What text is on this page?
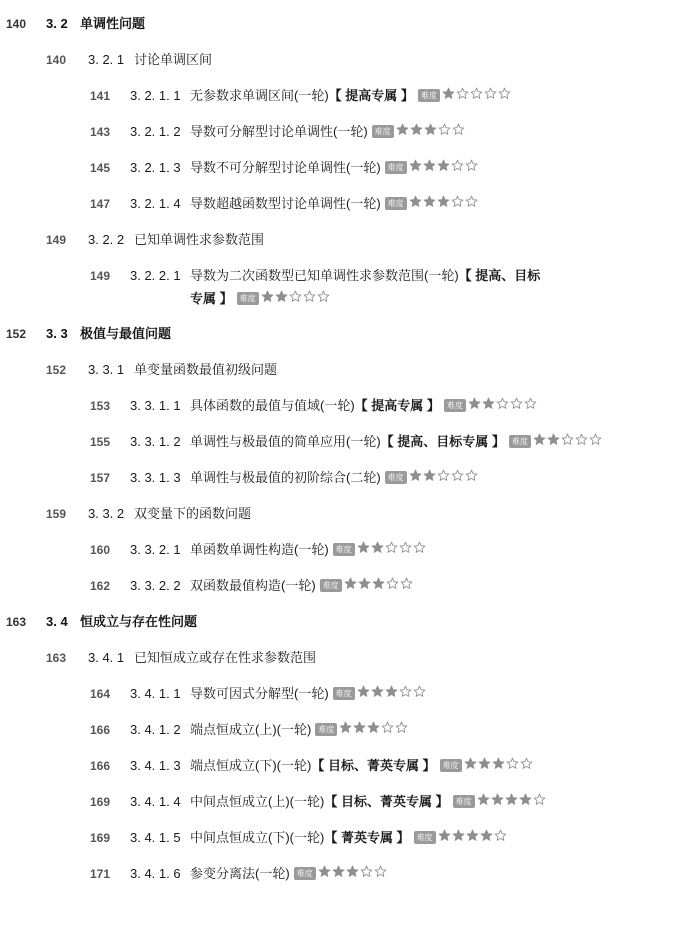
140 3. 2 单调性问题
140 3. 2. 1 讨论单调区间
141 3. 2. 1. 1 无参数求单调区间(一轮)【 提高专属 】 难度
143 3. 2. 1. 2 导数可分解型讨论单调性(一轮) 难度
145 3. 2. 1. 3 导数不可分解型讨论单调性(一轮) 难度
147 3. 2. 1. 4 导数超越函数型讨论单调性(一轮) 难度
149 3. 2. 2 已知单调性求参数范围
149 3. 2. 2. 1 导数为二次函数型已知单调性求参数范围(一轮)【 提高、目标
专属 】 难度
152 3. 3 极值与最值问题
152 3. 3. 1 单变量函数最值初级问题
153 3. 3. 1. 1 具体函数的最值与值域(一轮)【 提高专属 】 难度
155 3. 3. 1. 2 单调性与极最值的简单应用(一轮)【 提高、目标专属 】 难度
157 3. 3. 1. 3 单调性与极最值的初阶综合(二轮) 难度
159 3. 3. 2 双变量下的函数问题
160 3. 3. 2. 1 单函数单调性构造(一轮) 难度
162 3. 3. 2. 2 双函数最值构造(一轮) 难度
163 3. 4 恒成立与存在性问题
163 3. 4. 1 已知恒成立或存在性求参数范围
164 3. 4. 1. 1 导数可因式分解型(一轮) 难度
166 3. 4. 1. 2 端点恒成立(上)(一轮) 难度
166 3. 4. 1. 3 端点恒成立(下)(一轮)【 目标、菁英专属 】 难度
169 3. 4. 1. 4 中间点恒成立(上)(一轮)【 目标、菁英专属 】 难度
169 3. 4. 1. 5 中间点恒成立(下)(一轮)【 菁英专属 】 难度
171 3. 4. 1. 6 参变分离法(一轮) 难度
